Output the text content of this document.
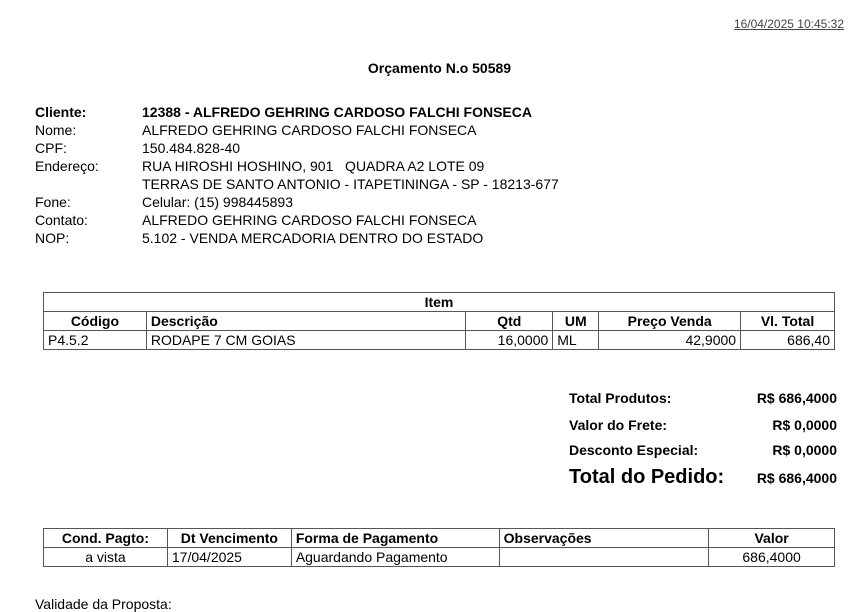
16/04/2025 10:45:32
Orçamento N.o 50589
Cliente:	12388 - ALFREDO GEHRING CARDOSO FALCHI FONSECA
Nome:	ALFREDO GEHRING CARDOSO FALCHI FONSECA
CPF:	150.484.828-40
Endereço:	RUA HIROSHI HOSHINO, 901   QUADRA A2 LOTE 09
TERRAS DE SANTO ANTONIO - ITAPETININGA - SP - 18213-677
Fone:	Celular: (15) 998445893
Contato:	ALFREDO GEHRING CARDOSO FALCHI FONSECA
NOP:	5.102 - VENDA MERCADORIA DENTRO DO ESTADO
Item					
Código	Descrição	Qtd	UM	Preço Venda	Vl. Total
P4.5.2	RODAPE 7 CM GOIAS	16,0000	ML	42,9000	686,40
Total Produtos:	R$ 686,4000
Valor do Frete:	R$ 0,0000
Desconto Especial:	R$ 0,0000
Total do Pedido: R$ 686,4000
Cond. Pagto:	Dt Vencimento	Forma de Pagamento	Observações	Valor
a vista	17/04/2025	Aguardando Pagamento		686,4000
Validade da Proposta:
